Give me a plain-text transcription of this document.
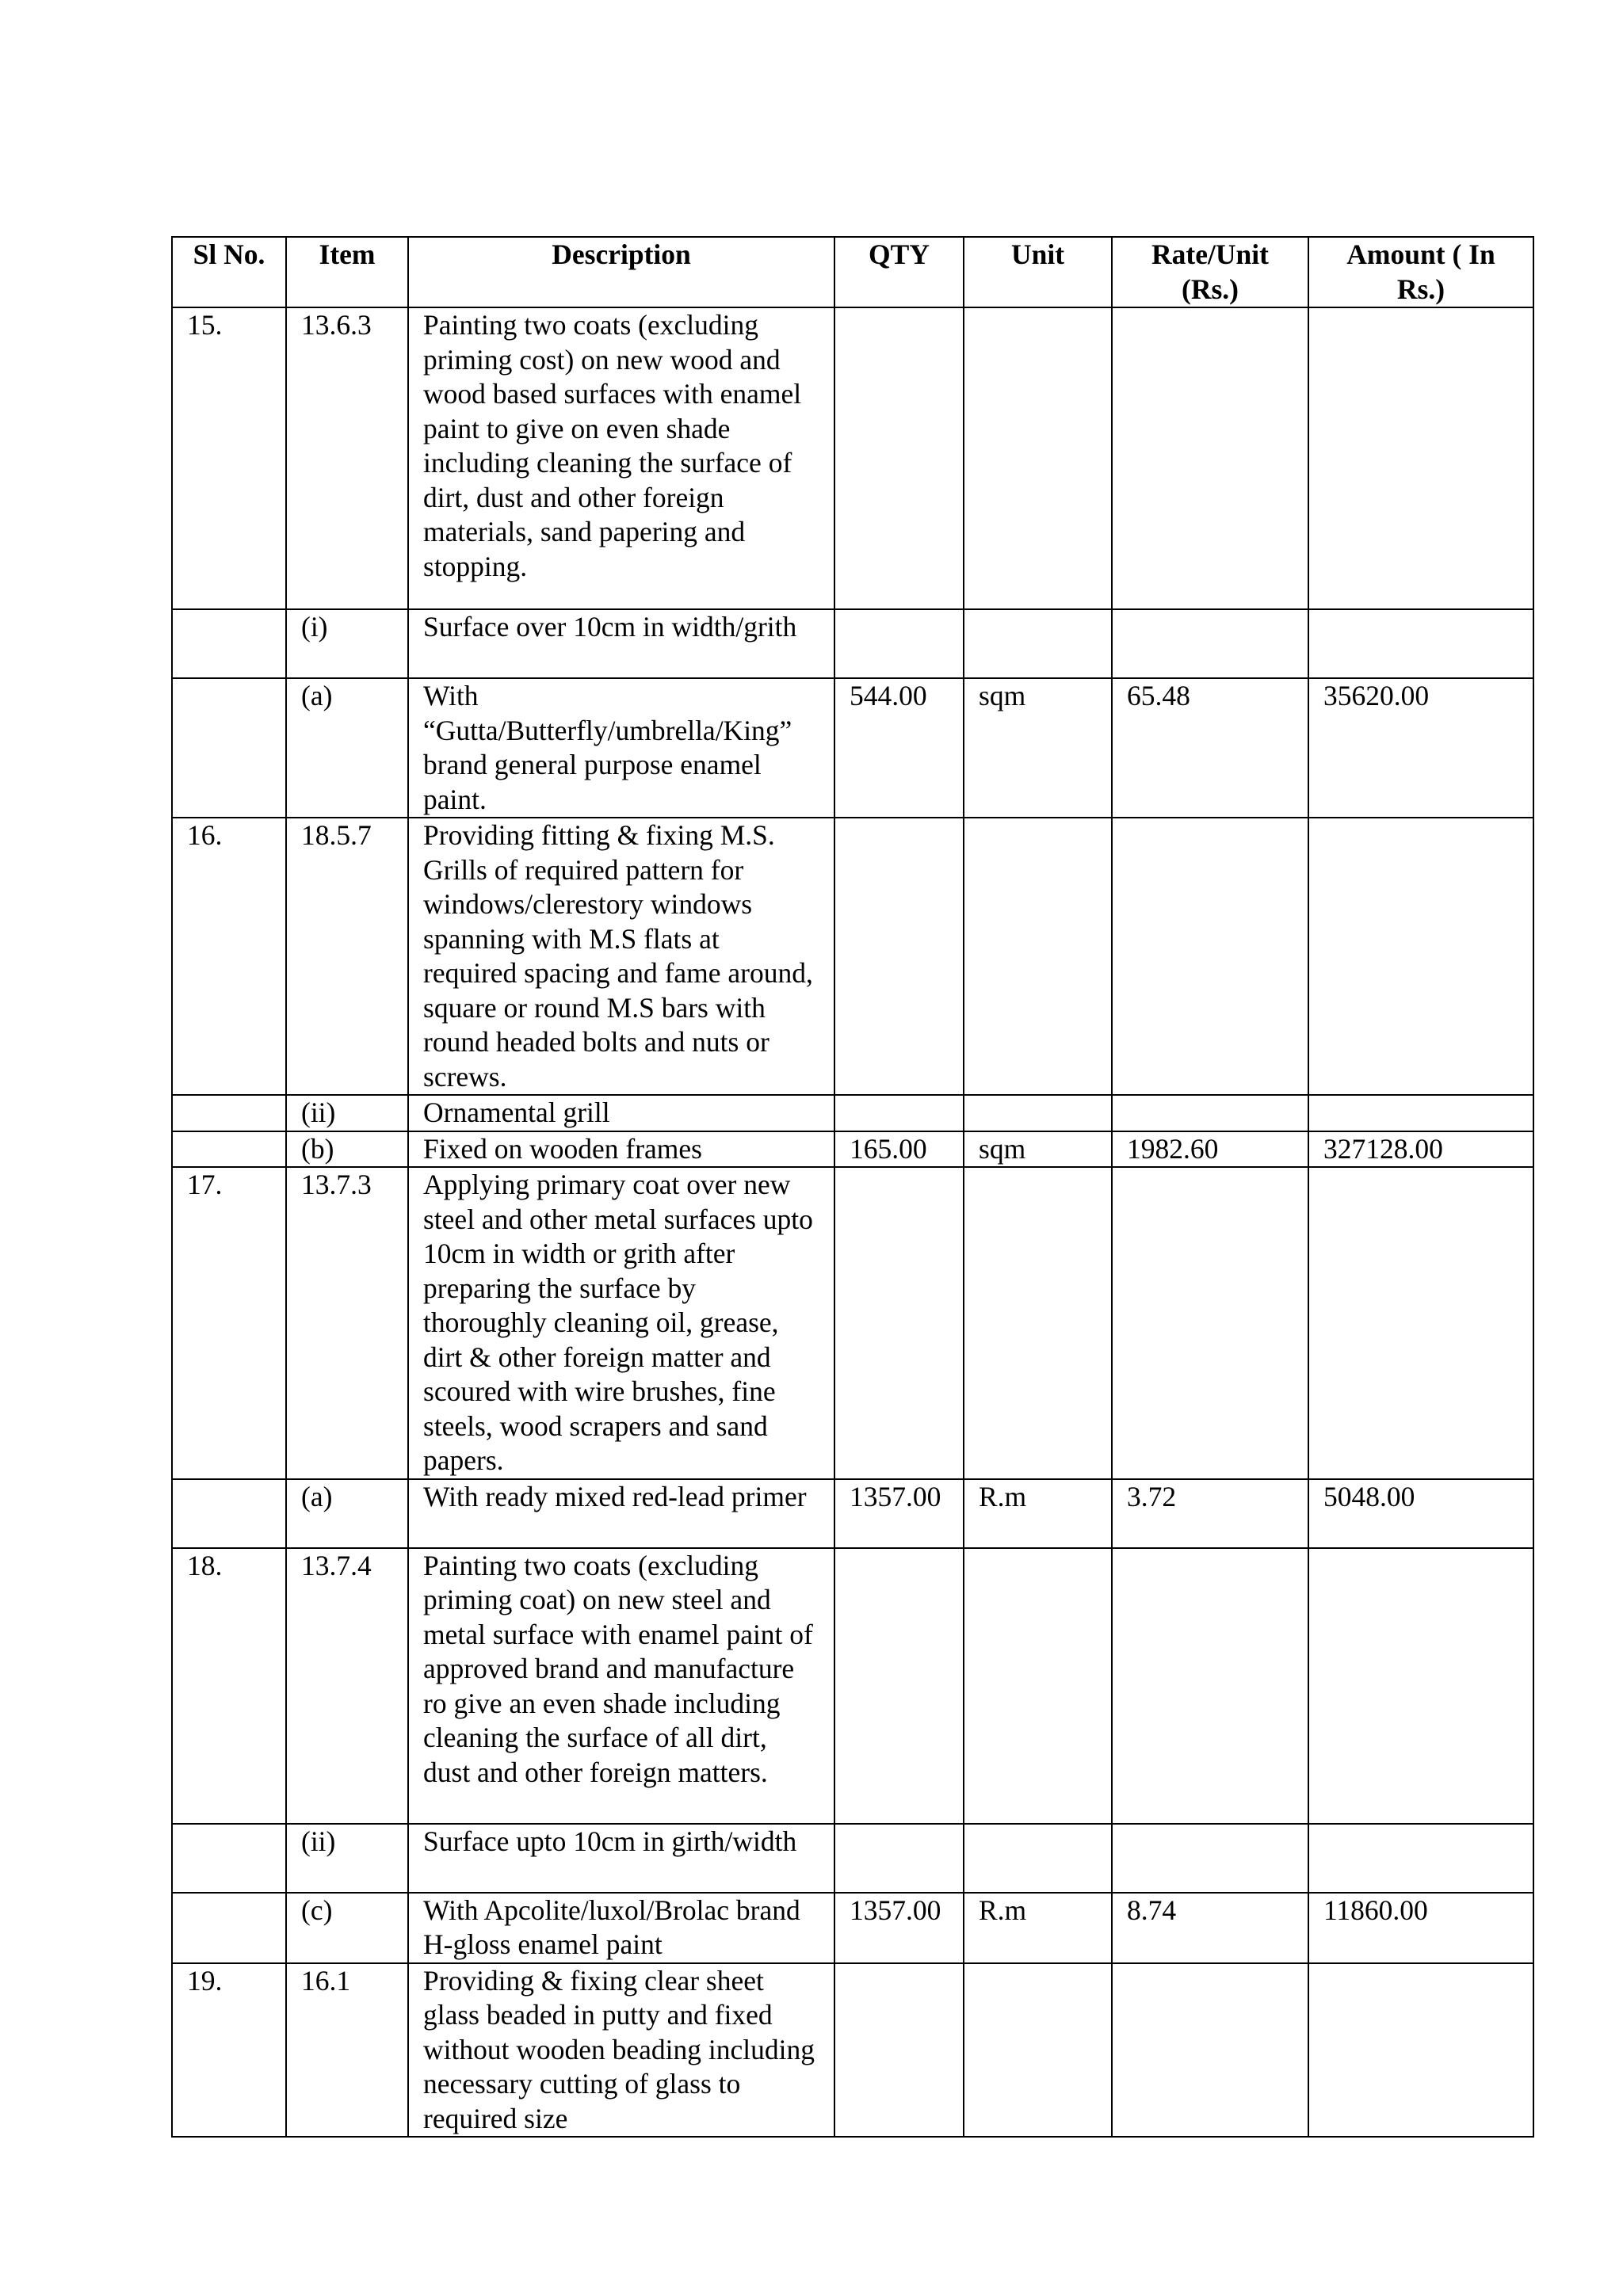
Sl No.	Item	Description	QTY	Unit	Rate/Unit (Rs.)	Amount ( In Rs.)
15.	13.6.3	Painting two coats (excluding priming cost) on new wood and wood based surfaces with enamel paint to give on even shade including cleaning the surface of dirt, dust and other foreign materials, sand papering and stopping.				
	(i)	Surface over 10cm in width/grith				
	(a)	With “Gutta/Butterfly/umbrella/King” brand general purpose enamel paint.	544.00	sqm	65.48	35620.00
16.	18.5.7	Providing fitting & fixing M.S. Grills of required pattern for windows/clerestory windows spanning with M.S flats at required spacing and fame around, square or round M.S bars with round headed bolts and nuts or screws.				
	(ii)	Ornamental grill				
	(b)	Fixed on wooden frames	165.00	sqm	1982.60	327128.00
17.	13.7.3	Applying primary coat over new steel and other metal surfaces upto 10cm in width or grith after preparing the surface by thoroughly cleaning oil, grease, dirt & other foreign matter and scoured with wire brushes, fine steels, wood scrapers and sand papers.				
	(a)	With ready mixed red-lead primer	1357.00	R.m	3.72	5048.00
18.	13.7.4	Painting two coats (excluding priming coat) on new steel and metal surface with enamel paint of approved brand and manufacture ro give an even shade including cleaning the surface of all dirt, dust and other foreign matters.				
	(ii)	Surface upto 10cm in girth/width				
	(c)	With Apcolite/luxol/Brolac brand H-gloss enamel paint	1357.00	R.m	8.74	11860.00
19.	16.1	Providing & fixing clear sheet glass beaded in putty and fixed without wooden beading including necessary cutting of glass to required size				
